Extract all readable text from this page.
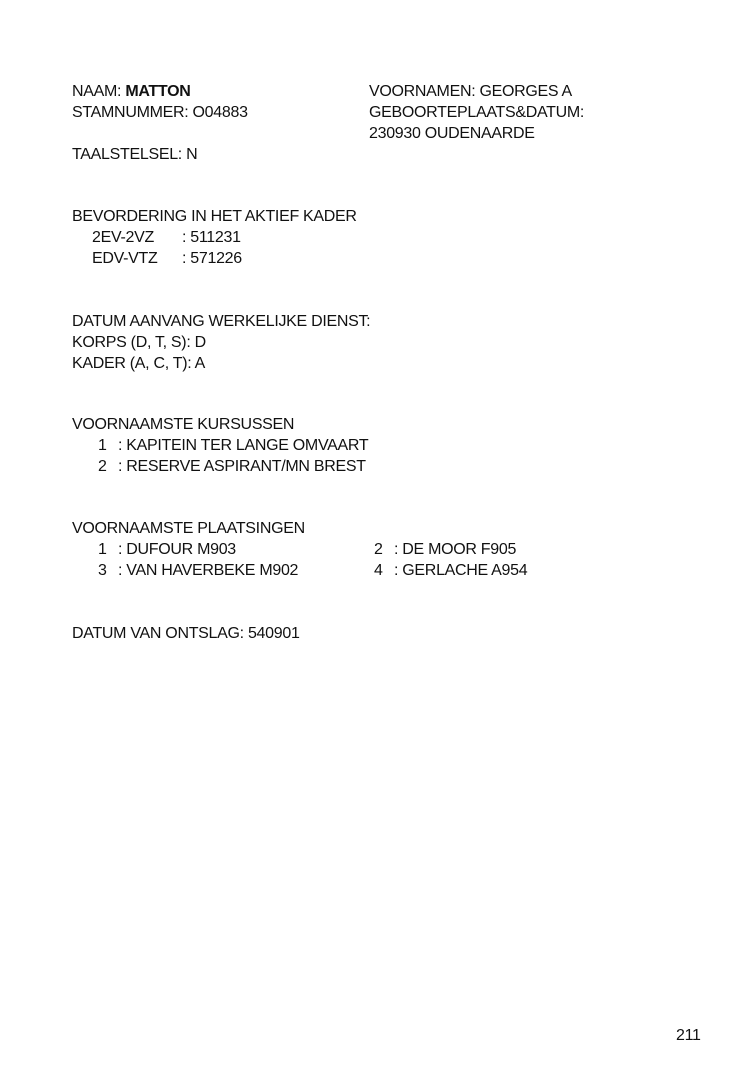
NAAM: MATTON
STAMNUMMER: O04883
TAALSTELSEL: N
VOORNAMEN: GEORGES A
GEBOORTEPLAATS&DATUM:
230930 OUDENAARDE
BEVORDERING IN HET AKTIEF KADER
2EV-2VZ : 511231
EDV-VTZ : 571226
DATUM AANVANG WERKELIJKE DIENST:
KORPS (D, T, S): D
KADER (A, C, T): A
VOORNAAMSTE KURSUSSEN
1 : KAPITEIN TER LANGE OMVAART
2 : RESERVE ASPIRANT/MN BREST
VOORNAAMSTE PLAATSINGEN
1 : DUFOUR M903	2 : DE MOOR F905
3 : VAN HAVERBEKE M902	4 : GERLACHE A954
DATUM VAN ONTSLAG: 540901
211
